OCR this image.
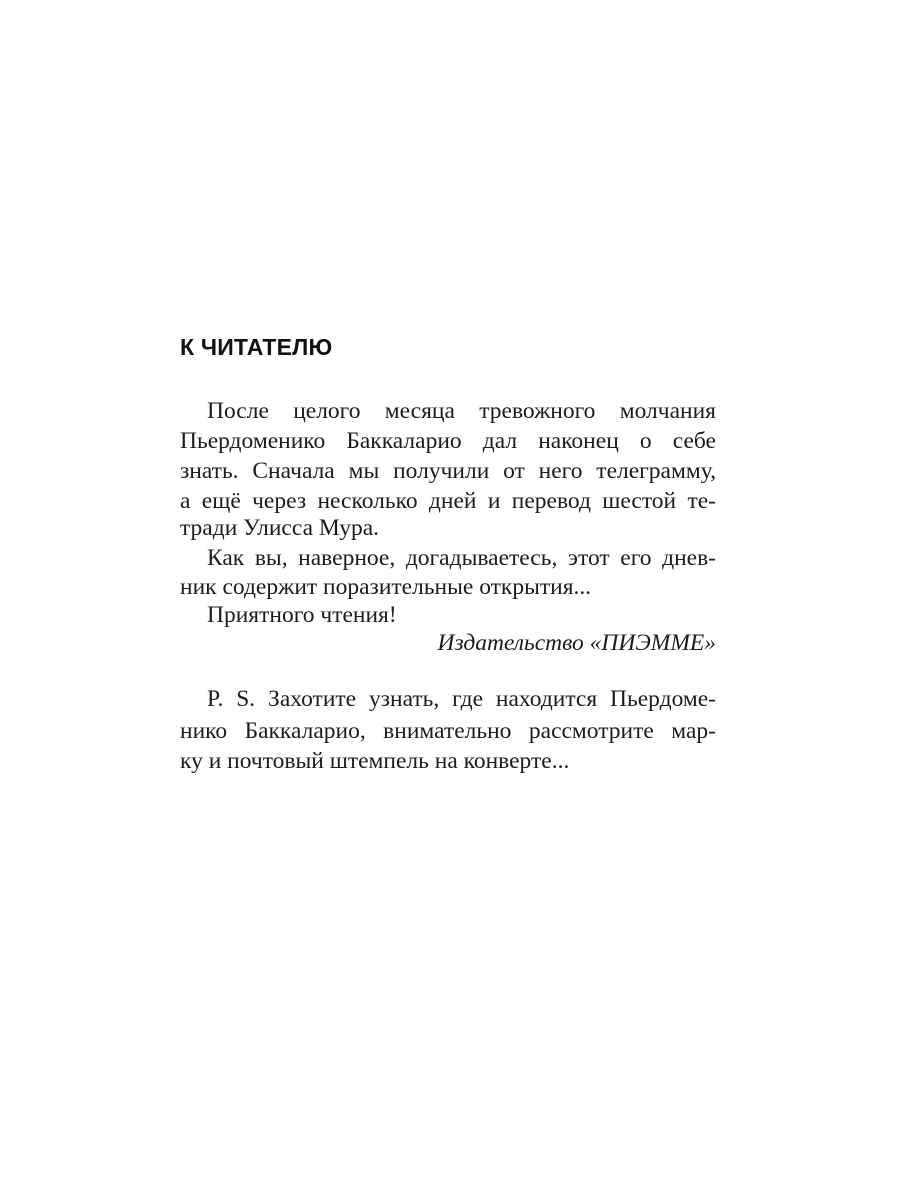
К ЧИТАТЕЛЮ

После целого месяца тревожного молчания

Пьердоменико Баккаларио дал наконец о себе

знать. Сначала мы получили от него телеграмму,

а ещё через несколько дней и перевод шестой те-

тради Улисса Мура.

Как вы, наверное, догадываетесь, этот его днев-

ник содержит поразительные открытия...

Приятного чтения!

Издательство «ПИЭММЕ»

P. S. Захотите узнать, где находится Пьердоме-

нико Баккаларио, внимательно рассмотрите мар-

ку и почтовый штемпель на конверте...
